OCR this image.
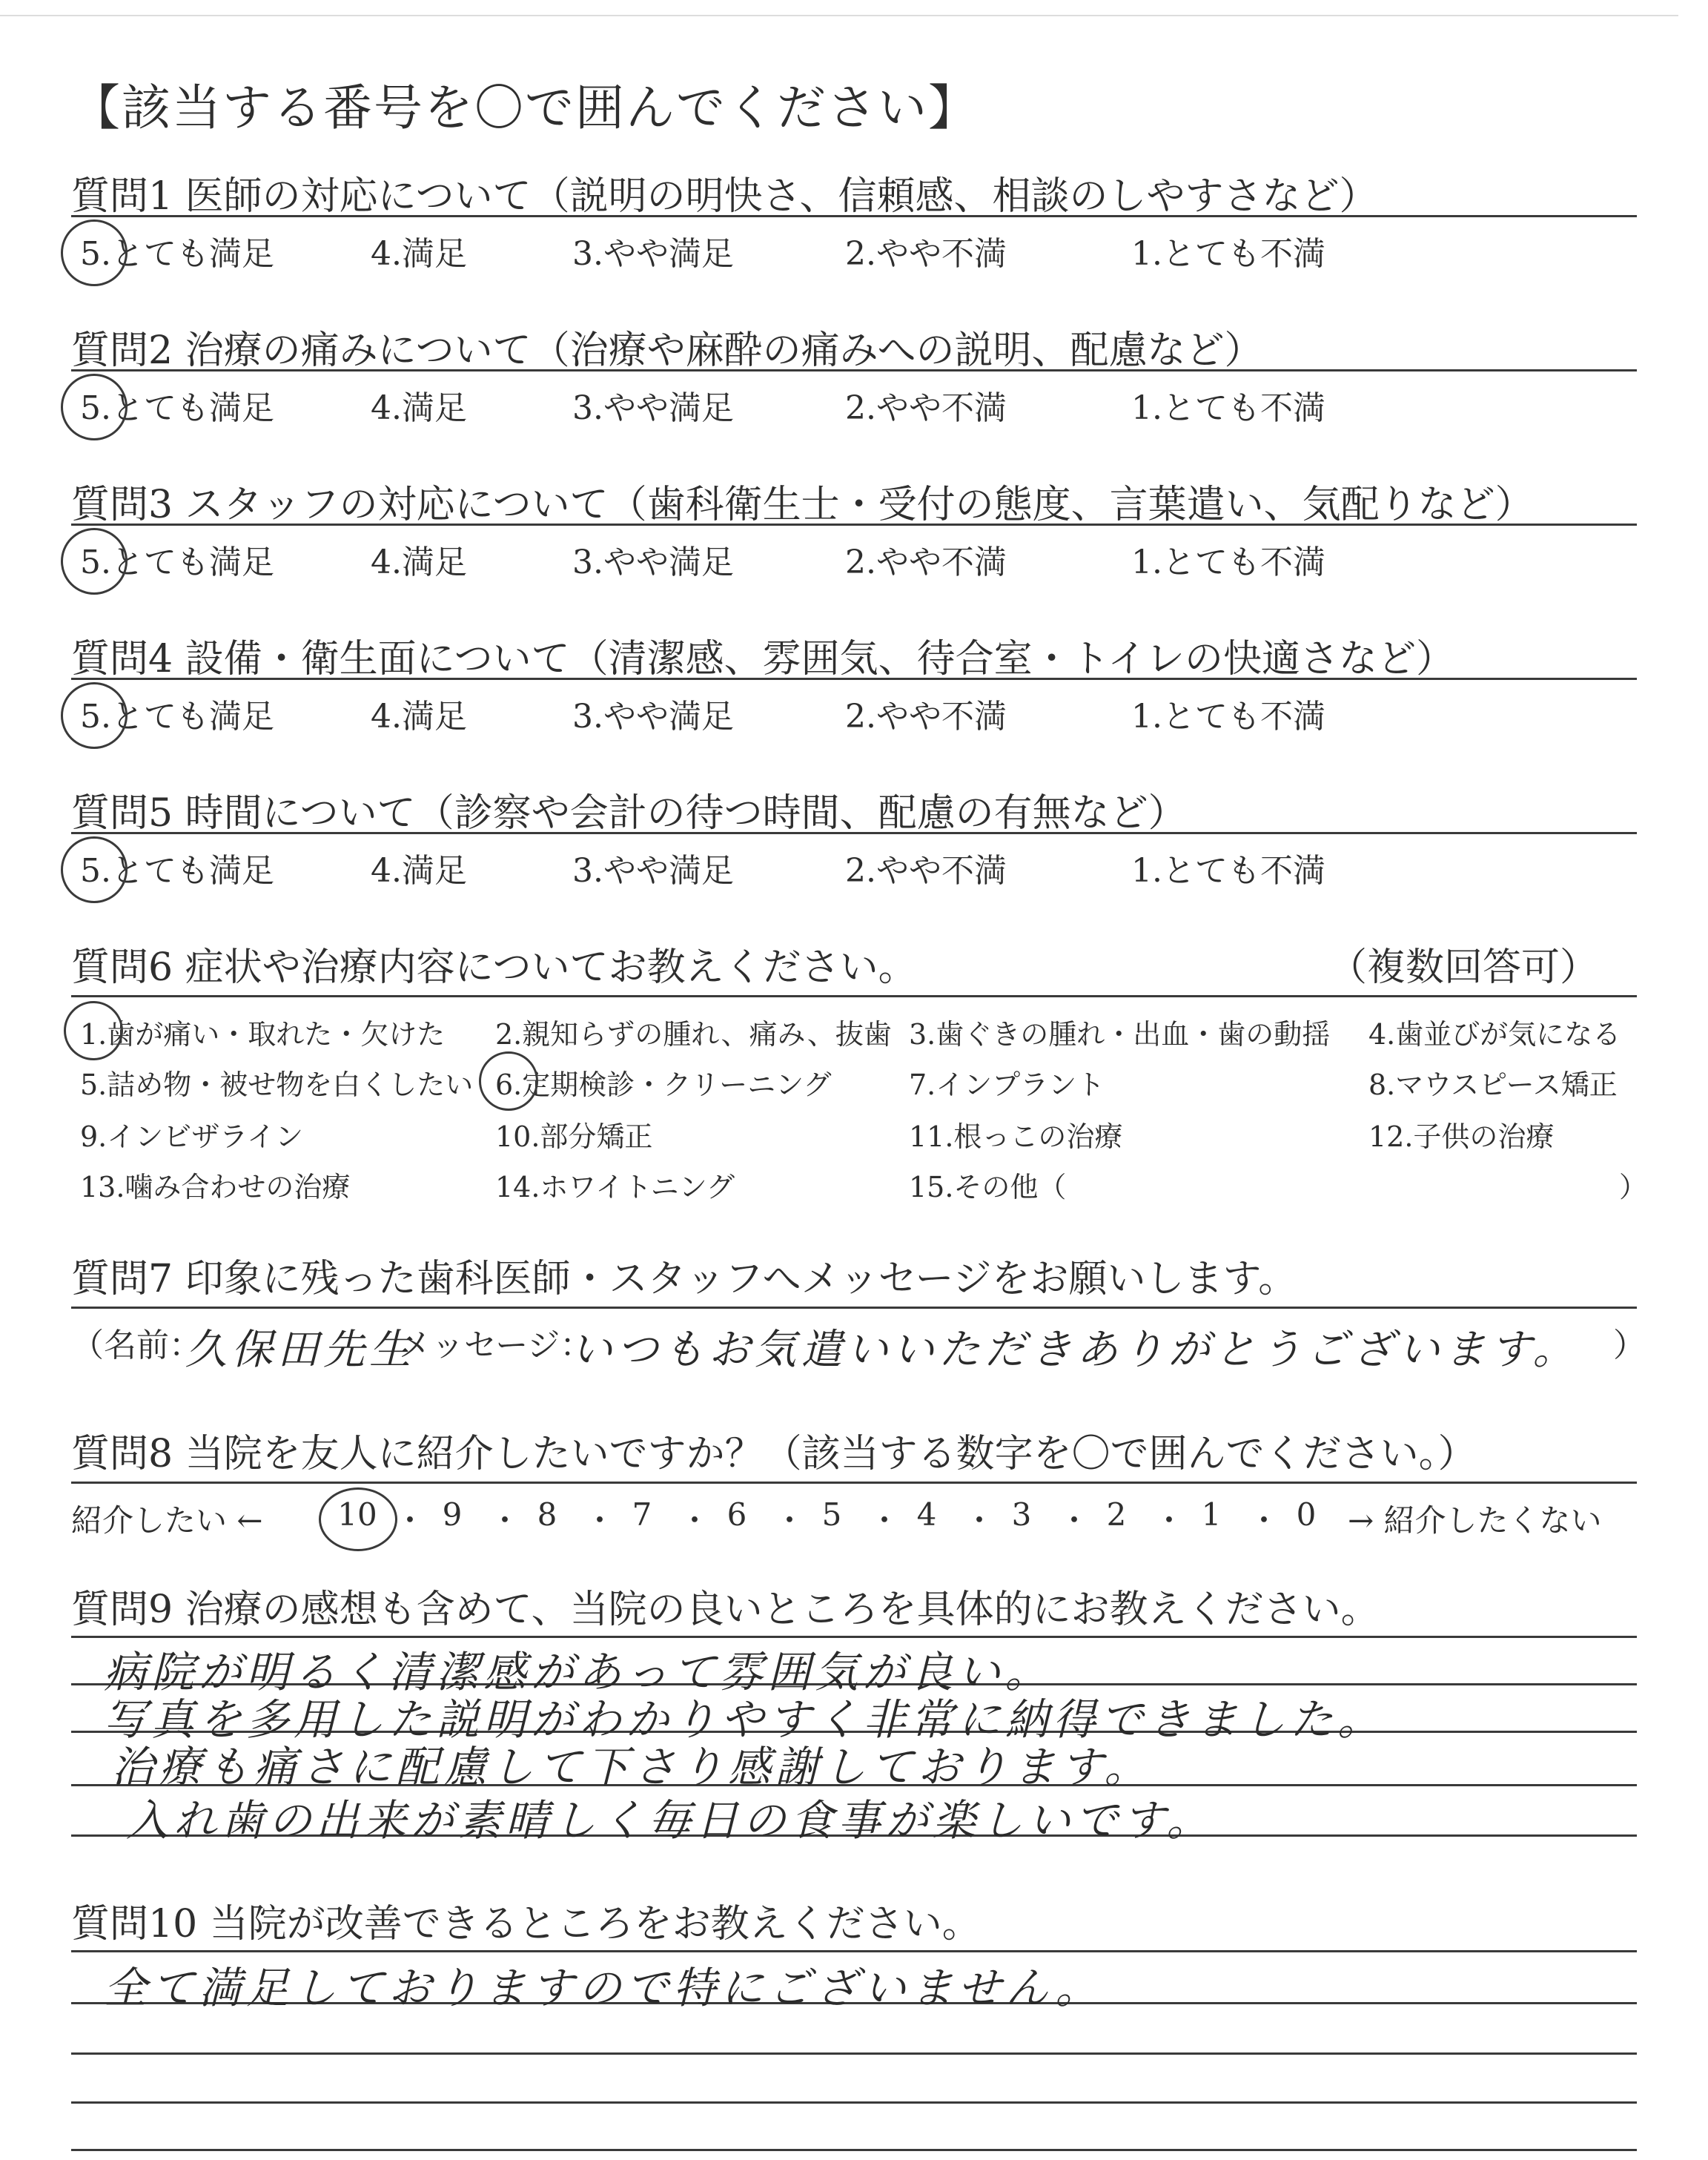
【該当する番号を〇で囲んでください】
質問1 医師の対応について（説明の明快さ、信頼感、相談のしやすさなど）
5.とても満足	4.満足	3.やや満足	2.やや不満	1.とても不満
質問2 治療の痛みについて（治療や麻酔の痛みへの説明、配慮など）
5.とても満足	4.満足	3.やや満足	2.やや不満	1.とても不満
質問3 スタッフの対応について（歯科衛生士・受付の態度、言葉遣い、気配りなど）
5.とても満足	4.満足	3.やや満足	2.やや不満	1.とても不満
質問4 設備・衛生面について（清潔感、雰囲気、待合室・トイレの快適さなど）
5.とても満足	4.満足	3.やや満足	2.やや不満	1.とても不満
質問5 時間について（診察や会計の待つ時間、配慮の有無など）
5.とても満足	4.満足	3.やや満足	2.やや不満	1.とても不満
質問6 症状や治療内容についてお教えください。	（複数回答可）
1.歯が痛い・取れた・欠けた 2.親知らずの腫れ、痛み、抜歯 3.歯ぐきの腫れ・出血・歯の動揺 4.歯並びが気になる
5.詰め物・被せ物を白くしたい 6.定期検診・クリーニング	7.インプラント	8.マウスピース矯正
9.インビザライン	10.部分矯正	11.根っこの治療	12.子供の治療
13.噛み合わせの治療	14.ホワイトニング	15.その他（	）
質問7 印象に残った歯科医師・スタッフへメッセージをお願いします。
（名前：
久保田先生
メッセージ：
いつもお気遣いいただきありがとうございます。 ）
質問8 当院を友人に紹介したいですか？（該当する数字を〇で囲んでください。）
紹介したい ← 10 ・ 9 ・ 8 ・ 7 ・ 6 ・ 5 ・ 4 ・ 3 ・ 2 ・ 1 ・ 0	→ 紹介したくない
質問9 治療の感想も含めて、当院の良いところを具体的にお教えください。
病院が明るく清潔感があって雰囲気が良い。
写真を多用した説明がわかりやすく非常に納得できました。
治療も痛さに配慮して下さり感謝しております。
入れ歯の出来が素晴しく毎日の食事が楽しいです。
質問10 当院が改善できるところをお教えください。
全て満足しておりますので特にございません。
